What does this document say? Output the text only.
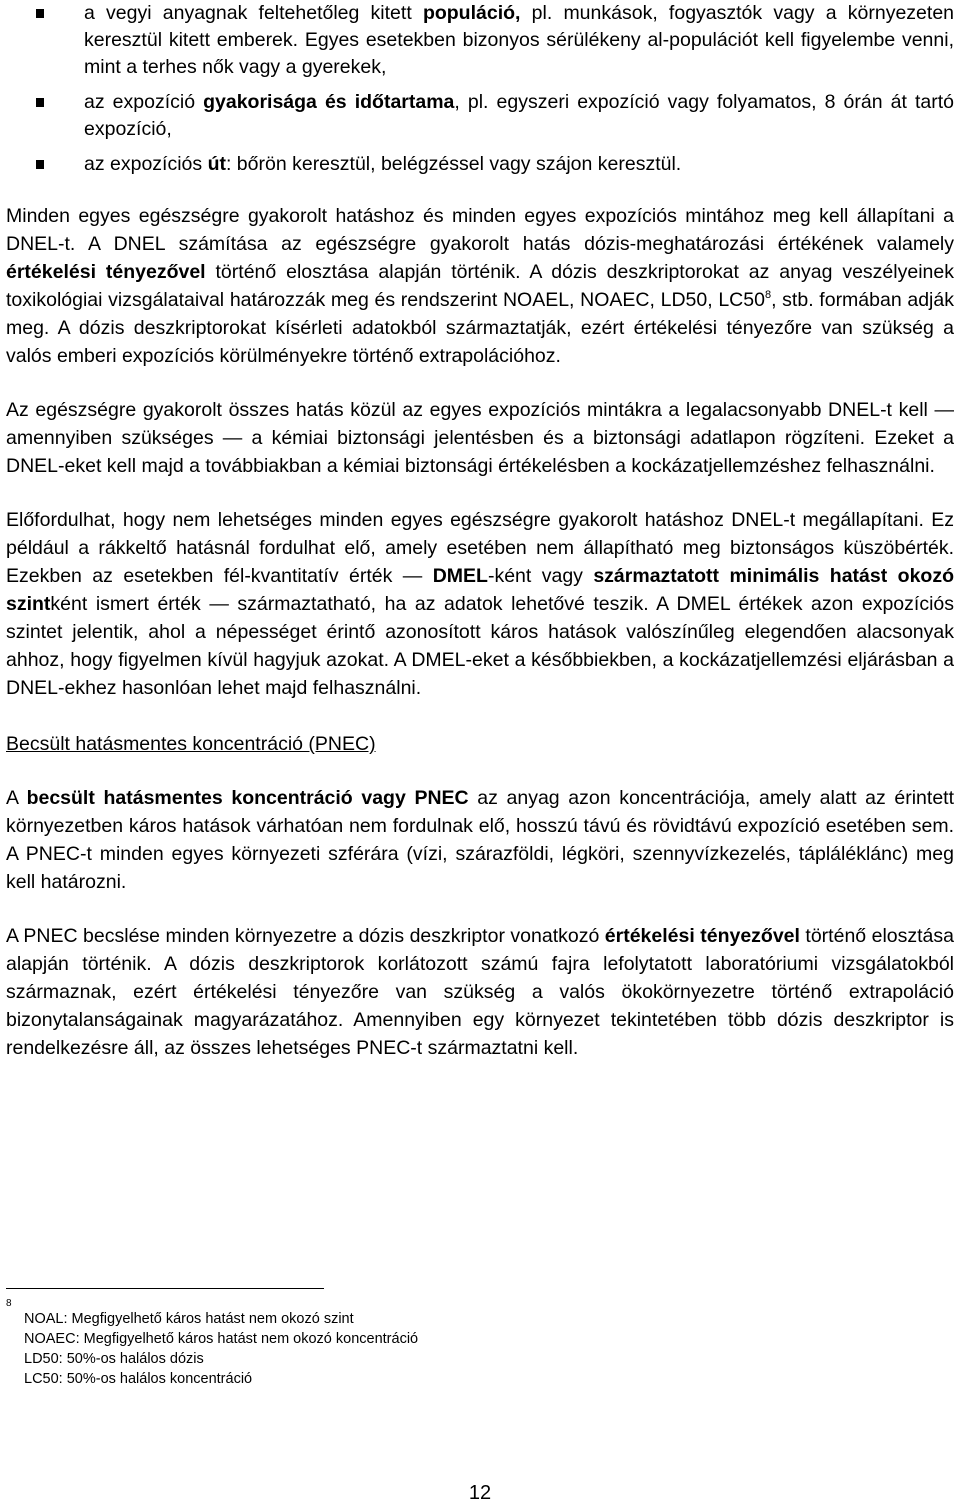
a vegyi anyagnak feltehetőleg kitett populáció, pl. munkások, fogyasztók vagy a környezeten keresztül kitett emberek. Egyes esetekben bizonyos sérülékeny al-populációt kell figyelembe venni, mint a terhes nők vagy a gyerekek,
az expozíció gyakorisága és időtartama, pl. egyszeri expozíció vagy folyamatos, 8 órán át tartó expozíció,
az expozíciós út: bőrön keresztül, belégzéssel vagy szájon keresztül.

Minden egyes egészségre gyakorolt hatáshoz és minden egyes expozíciós mintához meg kell állapítani a DNEL-t. A DNEL számítása az egészségre gyakorolt hatás dózis-meghatározási értékének valamely értékelési tényezővel történő elosztása alapján történik. A dózis deszkriptorokat az anyag veszélyeinek toxikológiai vizsgálataival határozzák meg és rendszerint NOAEL, NOAEC, LD50, LC50$^8$, stb. formában adják meg. A dózis deszkriptorokat kísérleti adatokból származtatják, ezért értékelési tényezőre van szükség a valós emberi expozíciós körülményekre történő extrapolációhoz.

Az egészségre gyakorolt összes hatás közül az egyes expozíciós mintákra a legalacsonyabb DNEL-t kell — amennyiben szükséges — a kémiai biztonsági jelentésben és a biztonsági adatlapon rögzíteni. Ezeket a DNEL-eket kell majd a továbbiakban a kémiai biztonsági értékelésben a kockázatjellemzéshez felhasználni.

Előfordulhat, hogy nem lehetséges minden egyes egészségre gyakorolt hatáshoz DNEL-t megállapítani. Ez például a rákkeltő hatásnál fordulhat elő, amely esetében nem állapítható meg biztonságos küszöbérték. Ezekben az esetekben fél-kvantitatív érték — DMEL-ként vagy származtatott minimális hatást okozó szintként ismert érték — származtatható, ha az adatok lehetővé teszik. A DMEL értékek azon expozíciós szintet jelentik, ahol a népességet érintő azonosított káros hatások valószínűleg elegendően alacsonyak ahhoz, hogy figyelmen kívül hagyjuk azokat. A DMEL-eket a későbbiekben, a kockázatjellemzési eljárásban a DNEL-ekhez hasonlóan lehet majd felhasználni.

Becsült hatásmentes koncentráció (PNEC)

A becsült hatásmentes koncentráció vagy PNEC az anyag azon koncentrációja, amely alatt az érintett környezetben káros hatások várhatóan nem fordulnak elő, hosszú távú és rövidtávú expozíció esetében sem. A PNEC-t minden egyes környezeti szférára (vízi, szárazföldi, légköri, szennyvízkezelés, tápláléklánc) meg kell határozni.

A PNEC becslése minden környezetre a dózis deszkriptor vonatkozó értékelési tényezővel történő elosztása alapján történik. A dózis deszkriptorok korlátozott számú fajra lefolytatott laboratóriumi vizsgálatokból származnak, ezért értékelési tényezőre van szükség a valós ökokörnyezetre történő extrapoláció bizonytalanságainak magyarázatához. Amennyiben egy környezet tekintetében több dózis deszkriptor is rendelkezésre áll, az összes lehetséges PNEC-t származtatni kell.

8
NOAL: Megfigyelhető káros hatást nem okozó szint
NOAEC: Megfigyelhető káros hatást nem okozó koncentráció
LD50: 50%-os halálos dózis
LC50: 50%-os halálos koncentráció
12
